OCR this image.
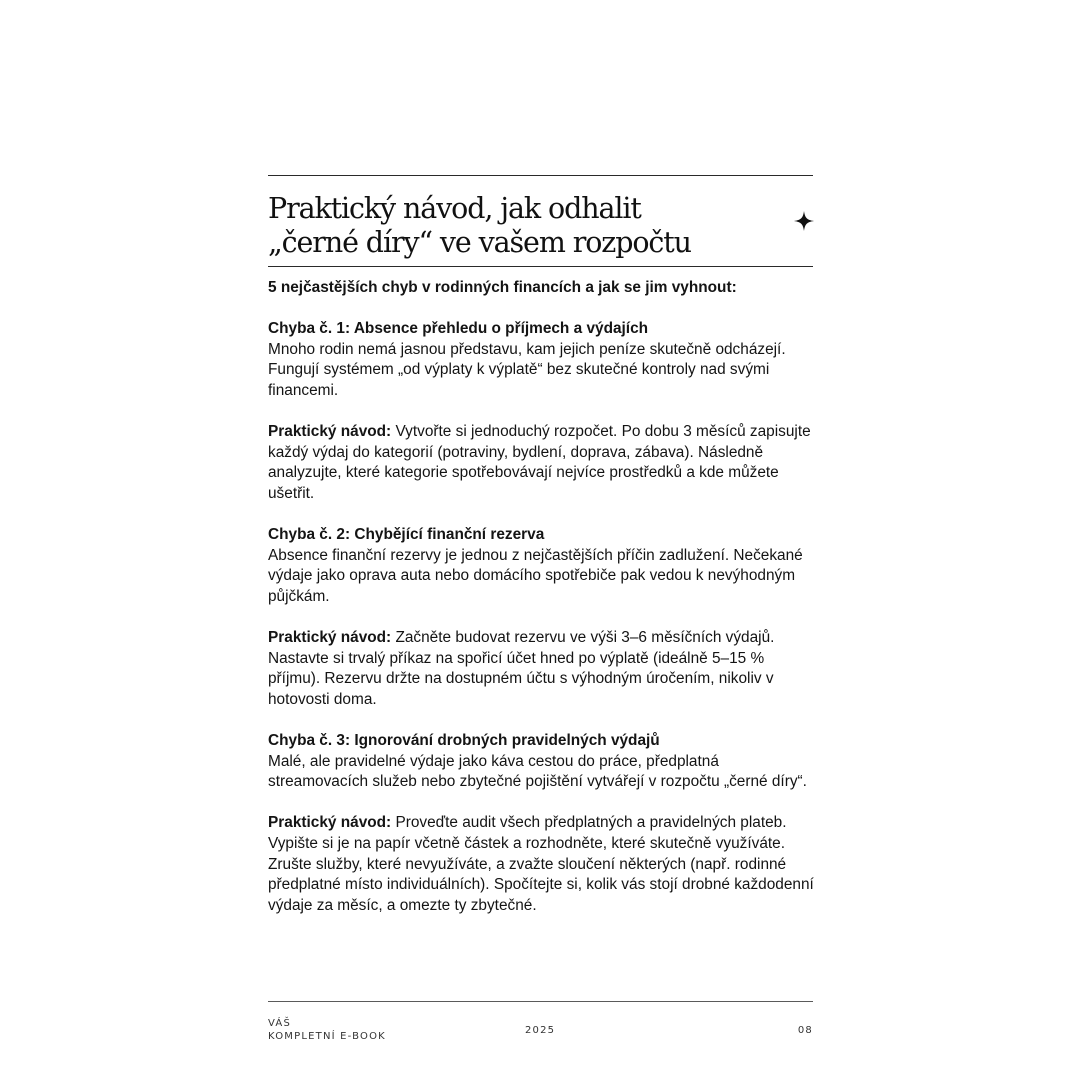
Praktický návod, jak odhalit
„černé díry“ ve vašem rozpočtu

5 nejčastějších chyb v rodinných financích a jak se jim vyhnout:

Chyba č. 1: Absence přehledu o příjmech a výdajích

Mnoho rodin nemá jasnou představu, kam jejich peníze skutečně odcházejí. Fungují systémem „od výplaty k výplatě“ bez skutečné kontroly nad svými financemi.

Praktický návod: Vytvořte si jednoduchý rozpočet. Po dobu 3 měsíců zapisujte každý výdaj do kategorií (potraviny, bydlení, doprava, zábava). Následně analyzujte, které kategorie spotřebovávají nejvíce prostředků a kde můžete ušetřit.

Chyba č. 2: Chybějící finanční rezerva

Absence finanční rezervy je jednou z nejčastějších příčin zadlužení. Nečekané výdaje jako oprava auta nebo domácího spotřebiče pak vedou k nevýhodným půjčkám.

Praktický návod: Začněte budovat rezervu ve výši 3–6 měsíčních výdajů. Nastavte si trvalý příkaz na spořicí účet hned po výplatě (ideálně 5–15 % příjmu). Rezervu držte na dostupném účtu s výhodným úročením, nikoliv v hotovosti doma.

Chyba č. 3: Ignorování drobných pravidelných výdajů

Malé, ale pravidelné výdaje jako káva cestou do práce, předplatná streamovacích služeb nebo zbytečné pojištění vytvářejí v rozpočtu „černé díry“.

Praktický návod: Proveďte audit všech předplatných a pravidelných plateb. Vypište si je na papír včetně částek a rozhodněte, které skutečně využíváte. Zrušte služby, které nevyužíváte, a zvažte sloučení některých (např. rodinné předplatné místo individuálních). Spočítejte si, kolik vás stojí drobné každodenní výdaje za měsíc, a omezte ty zbytečné.

VÁŠ
KOMPLETNÍ E-BOOK	2025	08
